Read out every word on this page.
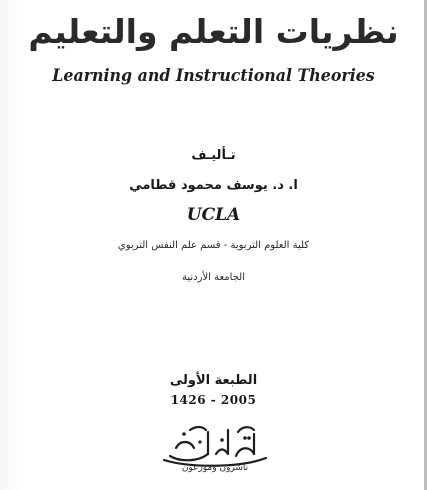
نظريات التعلم والتعليم
Learning and Instructional Theories
تـأليـف
ا. د. يوسف محمود قطامي
UCLA
كلية العلوم التربوية - قسم علم النفس التربوي
الجامعة الأردنية
الطبعة الأولى
1426 - 2005
ناشرون وموزعون
